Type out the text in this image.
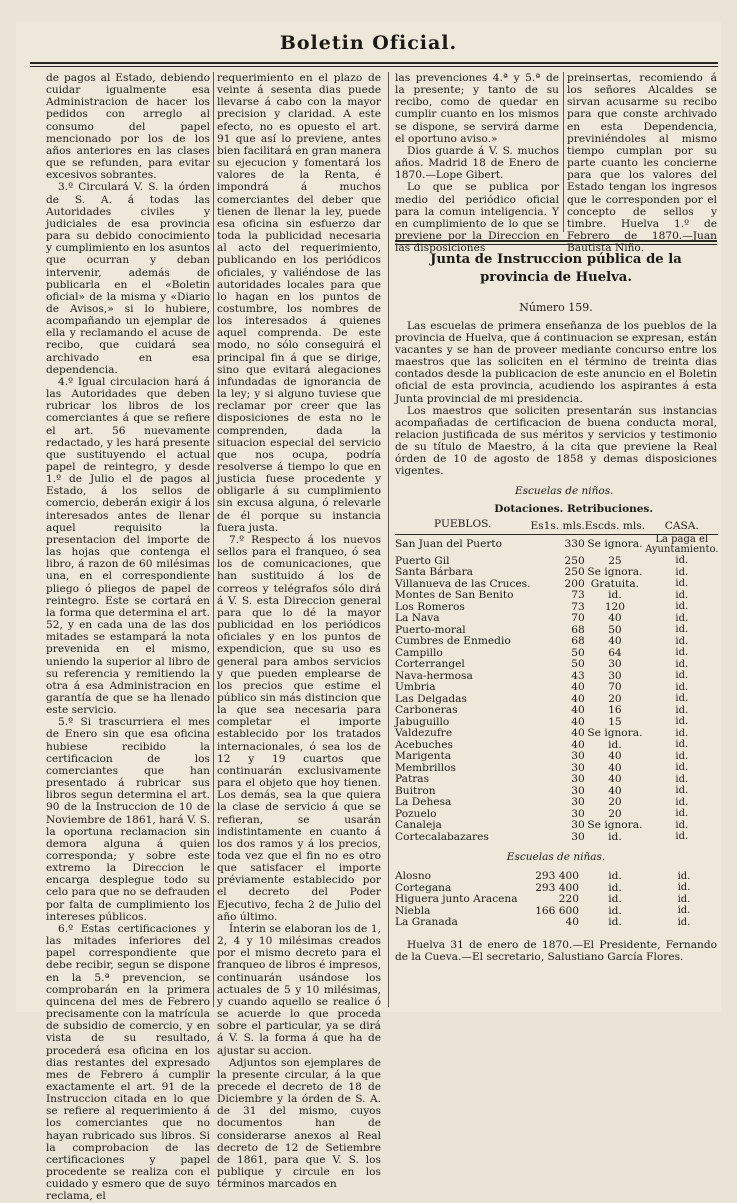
Boletin Oficial.

de pagos al Estado, debiendo cuidar igualmente esa Administracion de hacer los pedidos con arreglo al consumo del papel mencionado por los de los años anteriores en las clases que se refunden, para evitar excesivos sobrantes.

3.º Circulará V. S. la órden de S. A. á todas las Autoridades civiles y judiciales de esa provincia para su debido conocimiento y cumplimiento en los asuntos que ocurran y deban intervenir, además de publicarla en el «Boletin oficial» de la misma y «Diario de Avisos,» si lo hubiere, acompañando un ejemplar de ella y reclamando el acuse de recibo, que cuidará sea archivado en esa dependencia.

4.º Igual circulacion hará á las Autoridades que deben rubricar los libros de los comerciantes á que se refiere el art. 56 nuevamente redactado, y les hará presente que sustituyendo el actual papel de reintegro, y desde 1.º de Julio el de pagos al Estado, á los sellos de comercio, deberán exigir á los interesados antes de llenar aquel requisito la presentacion del importe de las hojas que contenga el libro, á razon de 60 milésimas una, en el correspondiente pliego ó pliegos de papel de reintegro. Este se cortará en la forma que determina el art. 52, y en cada una de las dos mitades se estampará la nota prevenida en el mismo, uniendo la superior al libro de su referencia y remitiendo la otra á esa Administracion en garantía de que se ha llenado este servicio.

5.º Si trascurriera el mes de Enero sin que esa oficina hubiese recibido la certificacion de los comerciantes que han presentado á rubricar sus libros segun determina el art. 90 de la Instruccion de 10 de Noviembre de 1861, hará V. S. la oportuna reclamacion sin demora alguna á quien corresponda; y sobre este extremo la Direccion le encarga desplegue todo su celo para que no se defrauden por falta de cumplimiento los intereses públicos.

6.º Estas certificaciones y las mitades inferiores del papel correspondiente que debe recibir, segun se dispone en la 5.ª prevencion, se comprobarán en la primera quincena del mes de Febrero precisamente con la matrícula de subsidio de comercio, y en vista de su resultado, procederá esa oficina en los dias restantes del expresado mes de Febrero á cumplir exactamente el art. 91 de la Instruccion citada en lo que se refiere al requerimiento á los comerciantes que no hayan rubricado sus libros. Si la comprobacion de las certificaciones y papel procedente se realiza con el cuidado y esmero que de suyo reclama, el

requerimiento en el plazo de veinte á sesenta dias puede llevarse á cabo con la mayor precision y claridad. A este efecto, no es opuesto el art. 91 que así lo previene, antes bien facilitará en gran manera su ejecucion y fomentará los valores de la Renta, é impondrá á muchos comerciantes del deber que tienen de llenar la ley, puede esa oficina sin esfuerzo dar toda la publicidad necesaria al acto del requerimiento, publicando en los periódicos oficiales, y valiéndose de las autoridades locales para que lo hagan en los puntos de costumbre, los nombres de los interesados á quienes aquel comprenda. De este modo, no sólo conseguirá el principal fin á que se dirige, sino que evitará alegaciones infundadas de ignorancia de la ley; y si alguno tuviese que reclamar por creer que las disposiciones de esta no le comprenden, dada la situacion especial del servicio que nos ocupa, podría resolverse á tiempo lo que en justicia fuese procedente y obligarle á su cumplimiento sin excusa alguna, ó relevarle de él porque su instancia fuera justa.

7.º Respecto á los nuevos sellos para el franqueo, ó sea los de comunicaciones, que han sustituido á los de correos y telégrafos sólo dirá á V. S. esta Direccion general para que lo dé la mayor publicidad en los periódicos oficiales y en los puntos de expendicion, que su uso es general para ambos servicios y que pueden emplearse de los precios que estime el público sin más distincion que la que sea necesaria para completar el importe establecido por los tratados internacionales, ó sea los de 12 y 19 cuartos que continuarán exclusivamente para el objeto que hoy tienen. Los demás, sea la que quiera la clase de servicio á que se refieran, se usarán indistintamente en cuanto á los dos ramos y á los precios, toda vez que el fin no es otro que satisfacer el importe préviamente establecido por el decreto del Poder Ejecutivo, fecha 2 de Julio del año último.

Ínterin se elaboran los de 1, 2, 4 y 10 milésimas creados por el mismo decreto para el franqueo de libros é impresos, continuarán usándose los actuales de 5 y 10 milésimas, y cuando aquello se realice ó se acuerde lo que proceda sobre el particular, ya se dirá á V. S. la forma á que ha de ajustar su accion.

Adjuntos son ejemplares de la presente circular, á la que precede el decreto de 18 de Diciembre y la órden de S. A. de 31 del mismo, cuyos documentos han de considerarse anexos al Real decreto de 12 de Setiembre de 1861, para que V. S. los publique y circule en los términos marcados en

las prevenciones 4.ª y 5.ª de la presente; y tanto de su recibo, como de quedar en cumplir cuanto en los mismos se dispone, se servirá darme el oportuno aviso.»

Dios guarde á V. S. muchos años. Madrid 18 de Enero de 1870.—Lope Gibert.

Lo que se publica por medio del periódico oficial para la comun inteligencia. Y en cumplimiento de lo que se previene por la Direccion en las disposiciones

preinsertas, recomiendo á los señores Alcaldes se sirvan acusarme su recibo para que conste archivado en esta Dependencia, previniéndoles al mismo tiempo cumplan por su parte cuanto les concierne para que los valores del Estado tengan los ingresos que le corresponden por el concepto de sellos y timbre. Huelva 1.º de Febrero de 1870.—Juan Bautista Niño.

Junta de Instruccion pública de la provincia de Huelva.
Número 159.
Las escuelas de primera enseñanza de los pueblos de la provincia de Huelva, que á continuacion se expresan, están vacantes y se han de proveer mediante concurso entre los maestros que las soliciten en el término de treinta dias contados desde la publicacion de este anuncio en el Boletin oficial de esta provincia, acudiendo los aspirantes á esta Junta provincial de mi presidencia.
Los maestros que soliciten presentarán sus instancias acompañadas de certificacion de buena conducta moral, relacion justificada de sus méritos y servicios y testimonio de su título de Maestro, á la cita que previene la Real órden de 10 de agosto de 1858 y demas disposiciones vigentes.
Escuelas de niños.
Dotaciones. Retribuciones.
PUEBLOS.	Es1s. mls.	Escds. mls.	CASA.
San Juan del Puerto	330	Se ignora.	La paga el Ayuntamiento.
Puerto Gil	250	25	id.
Santa Bárbara	250	Se ignora.	id.
Villanueva de las Cruces.	200	Gratuita.	id.
Montes de San Benito	73	id.	id.
Los Romeros	73	120	id.
La Nava	70	40	id.
Puerto-moral	68	50	id.
Cumbres de Enmedio	68	40	id.
Campillo	50	64	id.
Corterrangel	50	30	id.
Nava-hermosa	43	30	id.
Umbria	40	70	id.
Las Delgadas	40	20	id.
Carboneras	40	16	id.
Jabuguillo	40	15	id.
Valdezufre	40	Se ignora.	id.
Acebuches	40	id.	id.
Marigenta	30	40	id.
Membrillos	30	40	id.
Patras	30	40	id.
Buitron	30	40	id.
La Dehesa	30	20	id.
Pozuelo	30	20	id.
Canaleja	30	Se ignora.	id.
Cortecalabazares	30	id.	id.
Escuelas de niñas.
Alosno	293 400	id.	id.
Cortegana	293 400	id.	id.
Higuera junto Aracena	220	id.	id.
Niebla	166 600	id.	id.
La Granada	40	id.	id.
Huelva 31 de enero de 1870.—El Presidente, Fernando de la Cueva.—El secretario, Salustiano García Flores.
